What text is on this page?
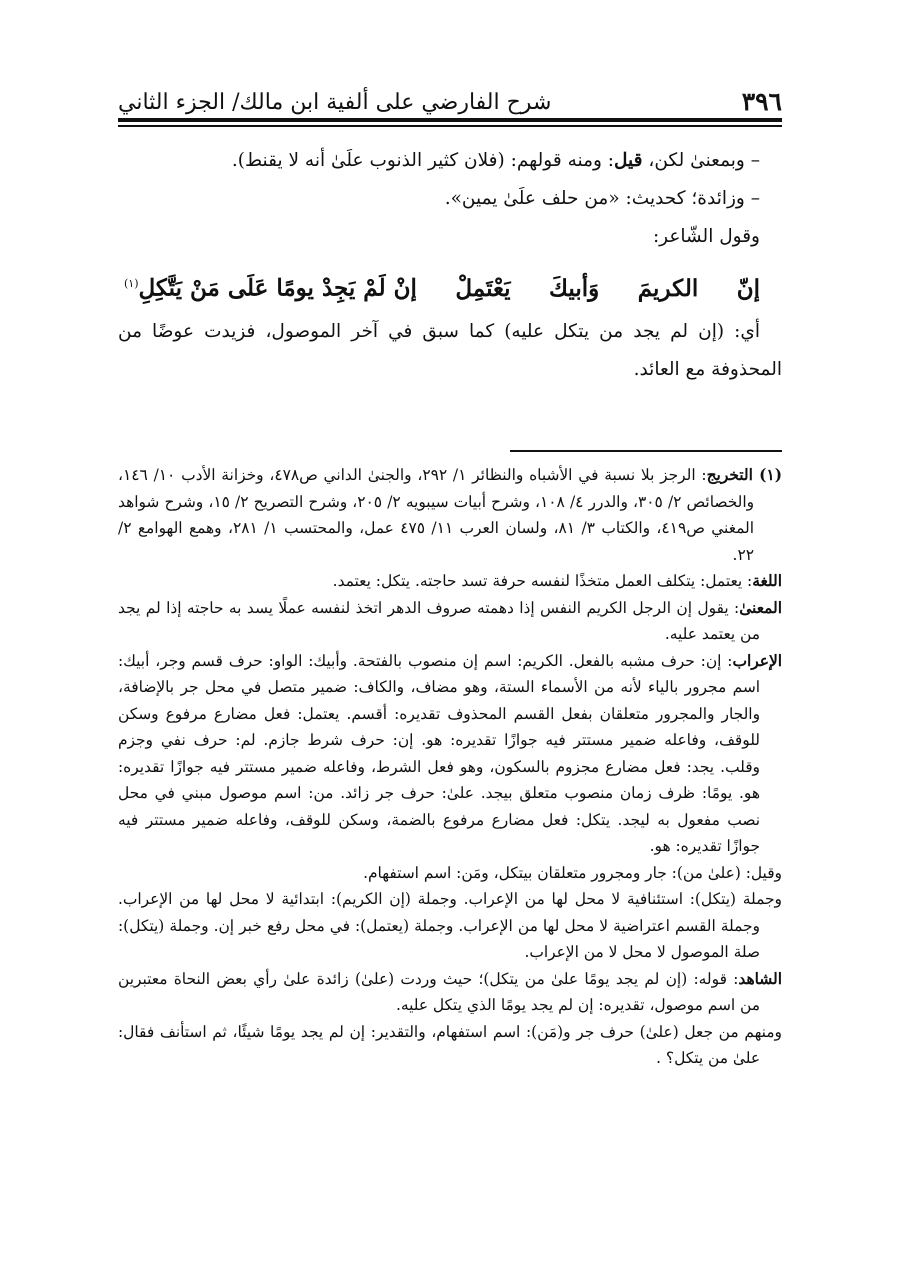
٣٩٦
شرح الفارضي على ألفية ابن مالك/ الجزء الثاني

– وبمعنىٰ لكن، قيل: ومنه قولهم: (فلان كثير الذنوب علَىٰ أنه لا يقنط).

– وزائدة؛ كحديث: «من حلف علَىٰ يمين».

وقول الشّاعر:

إنّ
الكريمَ
وَأبيكَ
يَعْتَمِلْ
إنْ لَمْ يَجِدْ يومًا عَلَى مَنْ يَتَّكِلِ$^{(١)}$

أي: (إن لم يجد من يتكل عليه) كما سبق في آخر الموصول، فزيدت عوضًا من المحذوفة مع العائد.

(١) التخريج: الرجز بلا نسبة في الأشباه والنظائر ١/ ٢٩٢، والجنىٰ الداني ص٤٧٨، وخزانة الأدب ١٠/ ١٤٦، والخصائص ٢/ ٣٠٥، والدرر ٤/ ١٠٨، وشرح أبيات سيبويه ٢/ ٢٠٥، وشرح التصريح ٢/ ١٥، وشرح شواهد المغني ص٤١٩، والكتاب ٣/ ٨١، ولسان العرب ١١/ ٤٧٥ عمل، والمحتسب ١/ ٢٨١، وهمع الهوامع ٢/ ٢٢.

اللغة: يعتمل: يتكلف العمل متخذًا لنفسه حرفة تسد حاجته. يتكل: يعتمد.

المعنىٰ: يقول إن الرجل الكريم النفس إذا دهمته صروف الدهر اتخذ لنفسه عملًا يسد به حاجته إذا لم يجد من يعتمد عليه.

الإعراب: إن: حرف مشبه بالفعل. الكريم: اسم إن منصوب بالفتحة. وأبيك: الواو: حرف قسم وجر، أبيك: اسم مجرور بالياء لأنه من الأسماء الستة، وهو مضاف، والكاف: ضمير متصل في محل جر بالإضافة، والجار والمجرور متعلقان بفعل القسم المحذوف تقديره: أقسم. يعتمل: فعل مضارع مرفوع وسكن للوقف، وفاعله ضمير مستتر فيه جوازًا تقديره: هو. إن: حرف شرط جازم. لم: حرف نفي وجزم وقلب. يجد: فعل مضارع مجزوم بالسكون، وهو فعل الشرط، وفاعله ضمير مستتر فيه جوازًا تقديره: هو. يومًا: ظرف زمان منصوب متعلق بيجد. علىٰ: حرف جر زائد. من: اسم موصول مبني في محل نصب مفعول به ليجد. يتكل: فعل مضارع مرفوع بالضمة، وسكن للوقف، وفاعله ضمير مستتر فيه جوازًا تقديره: هو.

وقيل: (علىٰ من): جار ومجرور متعلقان بيتكل، ومَن: اسم استفهام.

وجملة (يتكل): استئنافية لا محل لها من الإعراب. وجملة (إن الكريم): ابتدائية لا محل لها من الإعراب. وجملة القسم اعتراضية لا محل لها من الإعراب. وجملة (يعتمل): في محل رفع خبر إن. وجملة (يتكل): صلة الموصول لا محل لا من الإعراب.

الشاهد: قوله: (إن لم يجد يومًا علىٰ من يتكل)؛ حيث وردت (علىٰ) زائدة علىٰ رأي بعض النحاة معتبرين من اسم موصول، تقديره: إن لم يجد يومًا الذي يتكل عليه.

ومنهم من جعل (علىٰ) حرف جر و(مَن): اسم استفهام، والتقدير: إن لم يجد يومًا شيئًا، ثم استأنف فقال: علىٰ من يتكل؟ .
